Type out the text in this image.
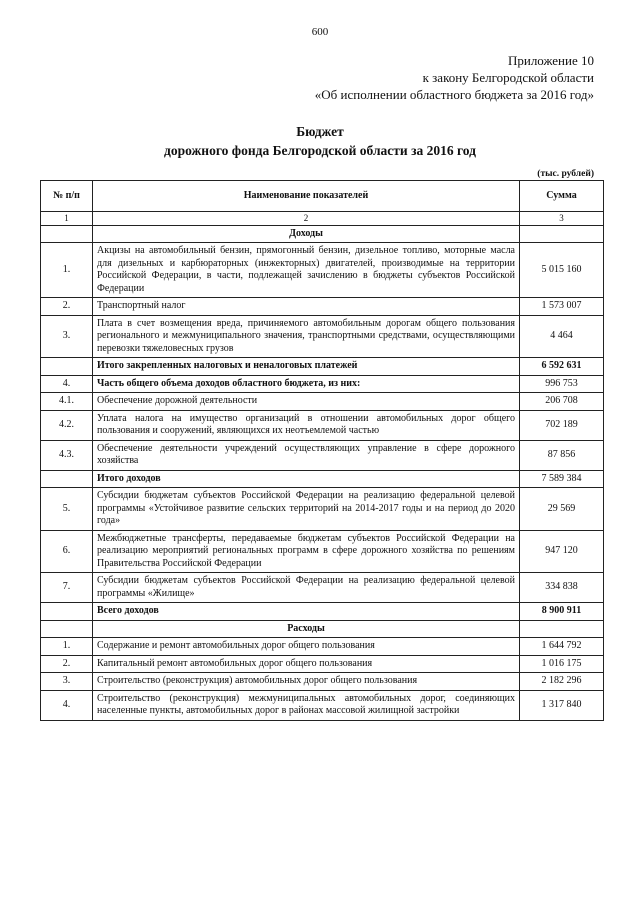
600
Приложение 10
к закону Белгородской области
«Об исполнении областного бюджета за 2016 год»
Бюджет
дорожного фонда Белгородской области за 2016 год
(тыс. рублей)
№ п/п	Наименование показателей	Сумма
1	2	3
	Доходы	
1.	Акцизы на автомобильный бензин, прямогонный бензин, дизельное топливо, моторные масла для дизельных и карбюраторных (инжекторных) двигателей, производимые на территории Российской Федерации, в части, подлежащей зачислению в бюджеты субъектов Российской Федерации	5 015 160
2.	Транспортный налог	1 573 007
3.	Плата в счет возмещения вреда, причиняемого автомобильным дорогам общего пользования регионального и межмуниципального значения, транспортными средствами, осуществляющими перевозки тяжеловесных грузов	4 464
	Итого закрепленных налоговых и неналоговых платежей	6 592 631
4.	Часть общего объема доходов областного бюджета, из них:	996 753
4.1.	Обеспечение дорожной деятельности	206 708
4.2.	Уплата налога на имущество организаций в отношении автомобильных дорог общего пользования и сооружений, являющихся их неотъемлемой частью	702 189
4.3.	Обеспечение деятельности учреждений осуществляющих управление в сфере дорожного хозяйства	87 856
	Итого доходов	7 589 384
5.	Субсидии бюджетам субъектов Российской Федерации на реализацию федеральной целевой программы «Устойчивое развитие сельских территорий на 2014-2017 годы и на период до 2020 года»	29 569
6.	Межбюджетные трансферты, передаваемые бюджетам субъектов Российской Федерации на реализацию мероприятий региональных программ в сфере дорожного хозяйства по решениям Правительства Российской Федерации	947 120
7.	Субсидии бюджетам субъектов Российской Федерации на реализацию федеральной целевой программы «Жилище»	334 838
	Всего доходов	8 900 911
	Расходы	
1.	Содержание и ремонт автомобильных дорог общего пользования	1 644 792
2.	Капитальный ремонт автомобильных дорог общего пользования	1 016 175
3.	Строительство (реконструкция) автомобильных дорог общего пользования	2 182 296
4.	Строительство (реконструкция) межмуниципальных автомобильных дорог, соединяющих населенные пункты, автомобильных дорог в районах массовой жилищной застройки	1 317 840
